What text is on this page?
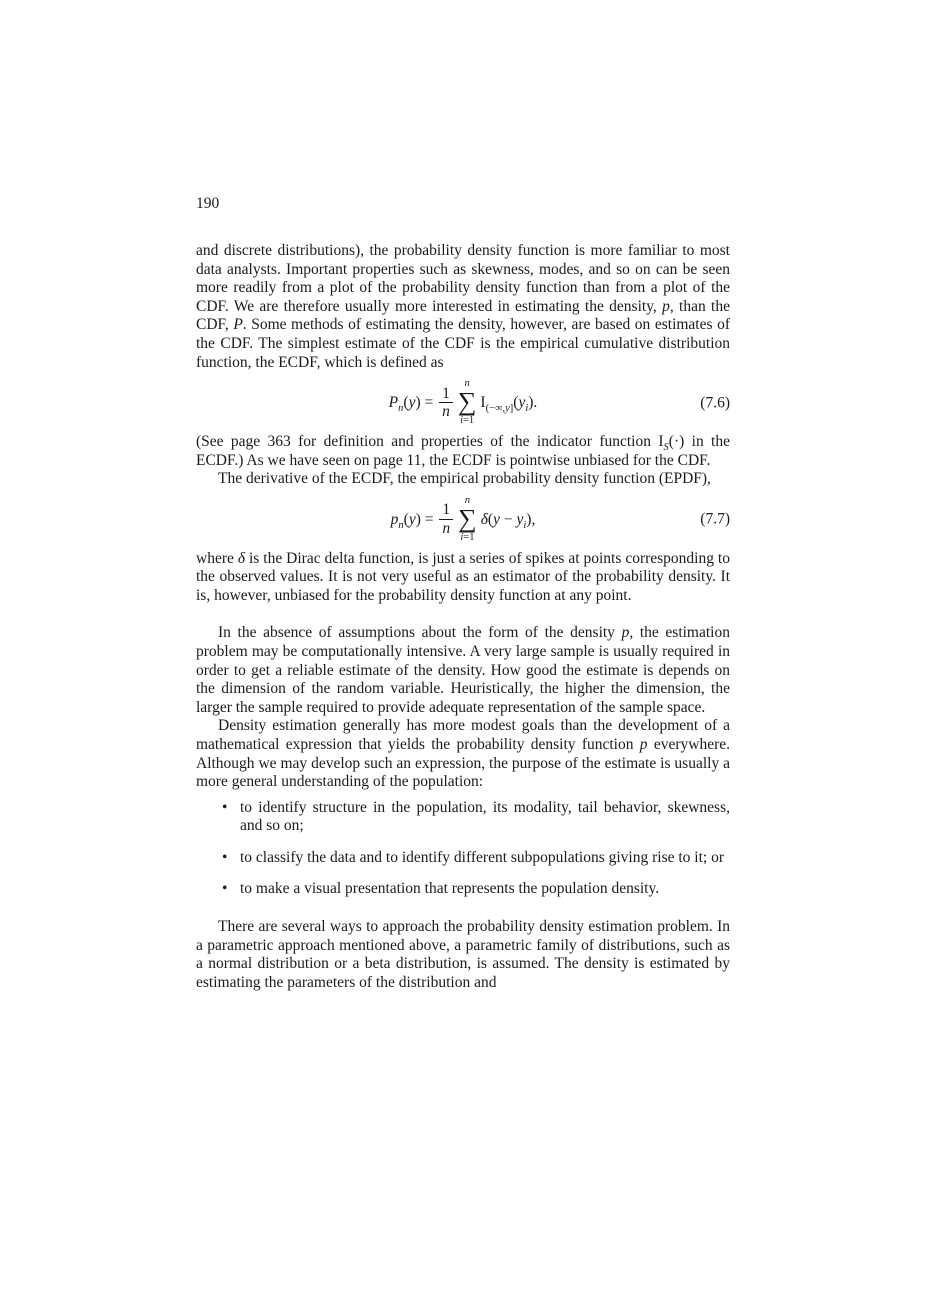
190

and discrete distributions), the probability density function is more familiar to most data analysts. Important properties such as skewness, modes, and so on can be seen more readily from a plot of the probability density function than from a plot of the CDF. We are therefore usually more interested in estimating the density, p, than the CDF, P. Some methods of estimating the density, however, are based on estimates of the CDF. The simplest estimate of the CDF is the empirical cumulative distribution function, the ECDF, which is defined as

$P_n(y) = \frac{1}{n}$
n
∑
i=1
$I_{(-\infty,y]}(y_i)$.	(7.6)

(See page 363 for definition and properties of the indicator function $I_S(\cdot)$ in the ECDF.) As we have seen on page 11, the ECDF is pointwise unbiased for the CDF.

The derivative of the ECDF, the empirical probability density function (EPDF),

$p_n(y) = \frac{1}{n}$
n
∑
i=1
$\delta(y - y_i)$,	(7.7)

where δ is the Dirac delta function, is just a series of spikes at points corresponding to the observed values. It is not very useful as an estimator of the probability density. It is, however, unbiased for the probability density function at any point.

In the absence of assumptions about the form of the density p, the estimation problem may be computationally intensive. A very large sample is usually required in order to get a reliable estimate of the density. How good the estimate is depends on the dimension of the random variable. Heuristically, the higher the dimension, the larger the sample required to provide adequate representation of the sample space.

Density estimation generally has more modest goals than the development of a mathematical expression that yields the probability density function p everywhere. Although we may develop such an expression, the purpose of the estimate is usually a more general understanding of the population:

• to identify structure in the population, its modality, tail behavior, skewness, and so on;
• to classify the data and to identify different subpopulations giving rise to it; or
• to make a visual presentation that represents the population density.

There are several ways to approach the probability density estimation problem. In a parametric approach mentioned above, a parametric family of distributions, such as a normal distribution or a beta distribution, is assumed. The density is estimated by estimating the parameters of the distribution and
